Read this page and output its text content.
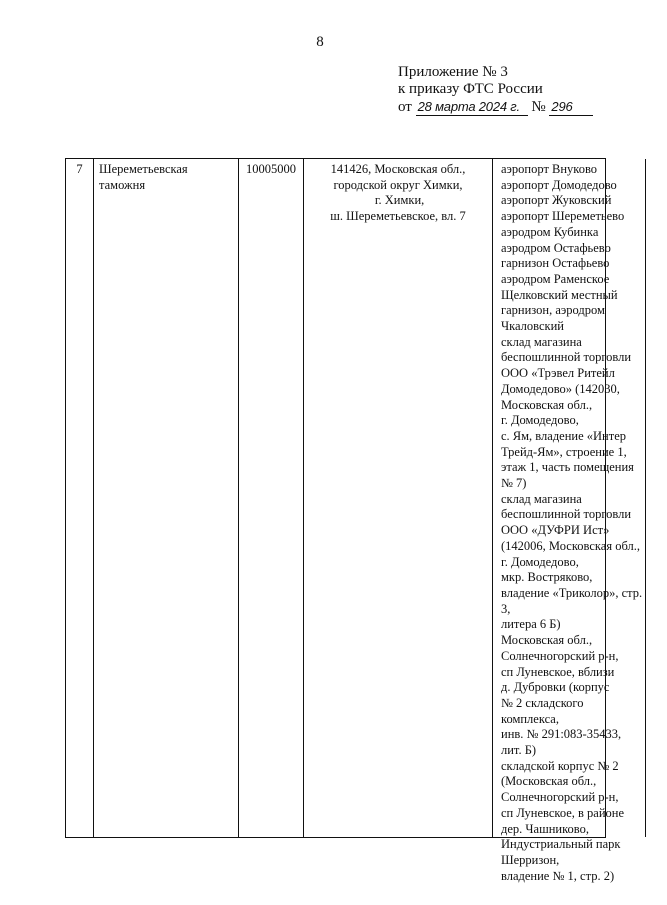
8
Приложение № 3
к приказу ФТС России
от 28 марта 2024 г. № 296
7	Шереметьевская таможня
10005000	141426, Московская обл., городской округ Химки,
г. Химки,
ш. Шереметьевское, вл. 7
аэропорт Внуково
аэропорт Домодедово
аэропорт Жуковский
аэропорт Шереметьево
аэродром Кубинка
аэродром Остафьево
гарнизон Остафьево
аэродром Раменское
Щелковский местный гарнизон, аэродром Чкаловский
склад магазина беспошлинной торговли ООО «Трэвел Ритейл Домодедово» (142030, Московская обл.,
г. Домодедово,
с. Ям, владение «Интер Трейд-Ям», строение 1, этаж 1, часть помещения № 7)
склад магазина беспошлинной торговли ООО «ДУФРИ Ист» (142006, Московская обл., г. Домодедово,
мкр. Востряково,
владение «Триколор», стр. 3,
литера 6 Б)
Московская обл., Солнечногорский р-н,
сп Луневское, вблизи
д. Дубровки (корпус
№ 2 складского комплекса,
инв. № 291:083-35433, лит. Б)
складской корпус № 2 (Московская обл., Солнечногорский р-н,
сп Луневское, в районе дер. Чашниково, Индустриальный парк Шерризон,
владение № 1, стр. 2)
